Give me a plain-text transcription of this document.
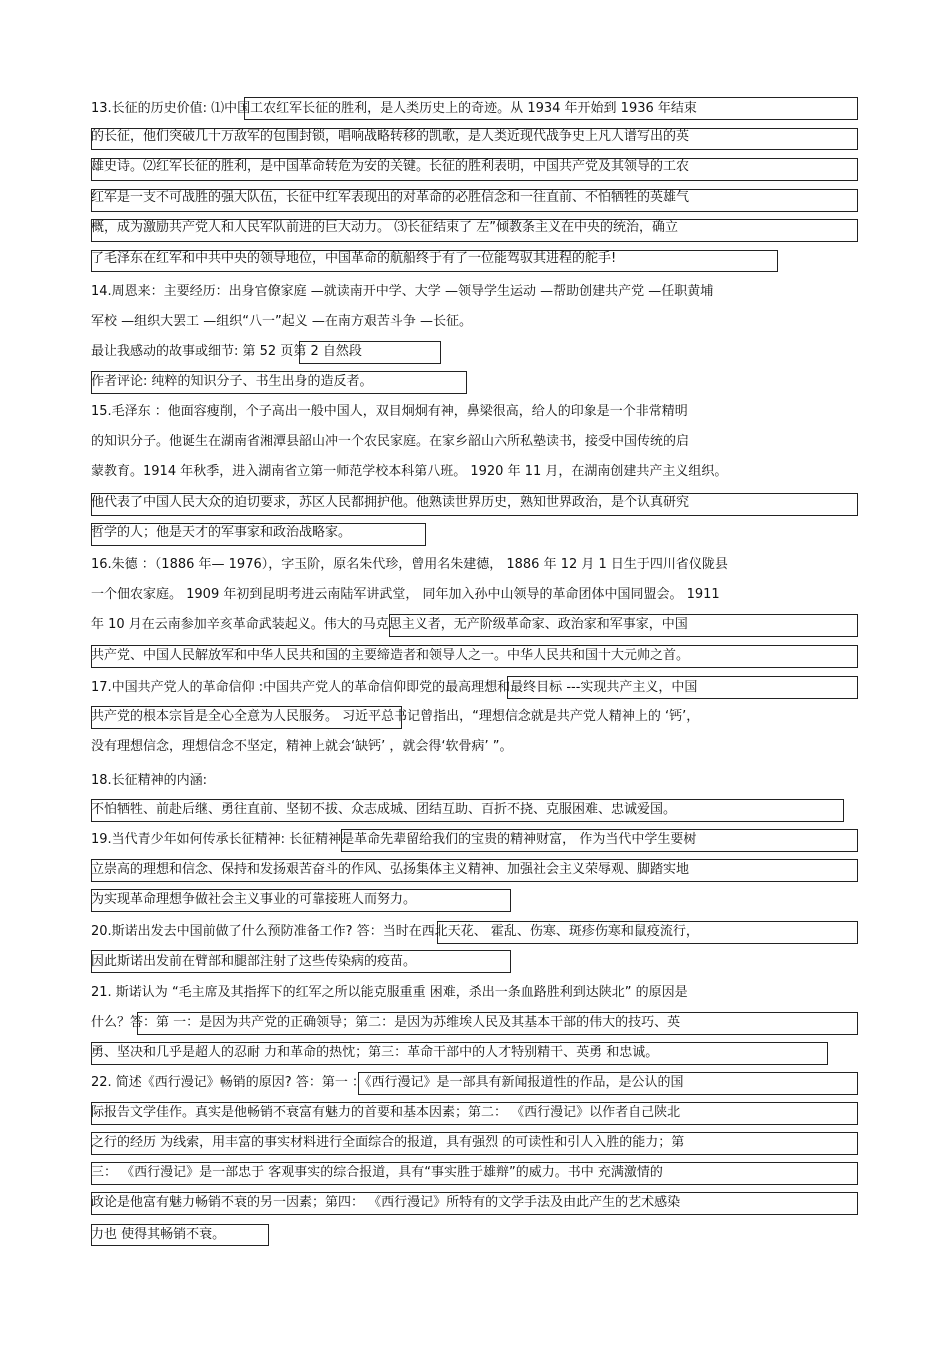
13.长征的历史价值: ⑴中国工农红军长征的胜利，是人类历史上的奇迹。从 1934 年开始到 1936 年结束
的长征，他们突破几十万敌军的包围封锁，唱响战略转移的凯歌，是人类近现代战争史上凡人谱写出的英
雄史诗。⑵红军长征的胜利，是中国革命转危为安的关键。长征的胜利表明，中国共产党及其领导的工农
红军是一支不可战胜的强大队伍，长征中红军表现出的对革命的必胜信念和一往直前、不怕牺牲的英雄气
概，成为激励共产党人和人民军队前进的巨大动力。 ⑶长征结束了 左”倾教条主义在中央的统治，确立
了毛泽东在红军和中共中央的领导地位，中国革命的航船终于有了一位能驾驭其进程的舵手!
14.周恩来：主要经历：出身官僚家庭 —就读南开中学、大学 —领导学生运动 —帮助创建共产党 —任职黄埔
军校 —组织大罢工 —组织“八一”起义 —在南方艰苦斗争 —长征。
最让我感动的故事或细节: 第 52 页第 2 自然段
作者评论: 纯粹的知识分子、书生出身的造反者。
15.毛泽东 ：他面容瘦削，个子高出一般中国人，双目炯炯有神，鼻梁很高，给人的印象是一个非常精明
的知识分子。他诞生在湖南省湘潭县韶山冲一个农民家庭。在家乡韶山六所私塾读书，接受中国传统的启
蒙教育。1914 年秋季，进入湖南省立第一师范学校本科第八班。 1920 年 11 月，在湖南创建共产主义组织。
他代表了中国人民大众的迫切要求，苏区人民都拥护他。他熟读世界历史，熟知世界政治，是个认真研究
哲学的人；他是天才的军事家和政治战略家。
16.朱德 ：（1886 年— 1976），字玉阶，原名朱代珍，曾用名朱建德， 1886 年 12 月 1 日生于四川省仪陇县
一个佃农家庭。 1909 年初到昆明考进云南陆军讲武堂， 同年加入孙中山领导的革命团体中国同盟会。 1911
年 10 月在云南参加辛亥革命武装起义。伟大的马克思主义者，无产阶级革命家、政治家和军事家，中国
共产党、中国人民解放军和中华人民共和国的主要缔造者和领导人之一。中华人民共和国十大元帅之首。
17.中国共产党人的革命信仰 :中国共产党人的革命信仰即党的最高理想和最终目标 ---实现共产主义，中国
共产党的根本宗旨是全心全意为人民服务。 习近平总书记曾指出，“理想信念就是共产党人精神上的 ‘钙’，
没有理想信念，理想信念不坚定，精神上就会‘缺钙’ ，就会得‘软骨病’ ”。
18.长征精神的内涵:
不怕牺牲、前赴后继、勇往直前、坚韧不拔、众志成城、团结互助、百折不挠、克服困难、忠诚爱国。
19.当代青少年如何传承长征精神: 长征精神是革命先辈留给我们的宝贵的精神财富， 作为当代中学生要树
立崇高的理想和信念、保持和发扬艰苦奋斗的作风、弘扬集体主义精神、加强社会主义荣辱观、脚踏实地
为实现革命理想争做社会主义事业的可靠接班人而努力。
20.斯诺出发去中国前做了什么预防准备工作? 答：当时在西北天花、 霍乱、伤寒、斑疹伤寒和鼠疫流行，
因此斯诺出发前在臂部和腿部注射了这些传染病的疫苗。
21. 斯诺认为 “毛主席及其指挥下的红军之所以能克服重重 困难，杀出一条血路胜利到达陕北” 的原因是
什么？答：第 一：是因为共产党的正确领导；第二：是因为苏维埃人民及其基本干部的伟大的技巧、英
勇、坚决和几乎是超人的忍耐 力和革命的热忱；第三：革命干部中的人才特别精干、英勇 和忠诚。
22. 简述《西行漫记》畅销的原因? 答：第一 ：《西行漫记》是一部具有新闻报道性的作品，是公认的国
际报告文学佳作。真实是他畅销不衰富有魅力的首要和基本因素；第二： 《西行漫记》以作者自己陕北
之行的经历 为线索，用丰富的事实材料进行全面综合的报道，具有强烈 的可读性和引人入胜的能力；第
三： 《西行漫记》是一部忠于 客观事实的综合报道，具有“事实胜于雄辩”的威力。书中 充满激情的
政论是他富有魅力畅销不衰的另一因素；第四： 《西行漫记》所特有的文学手法及由此产生的艺术感染
力也 使得其畅销不衰。
